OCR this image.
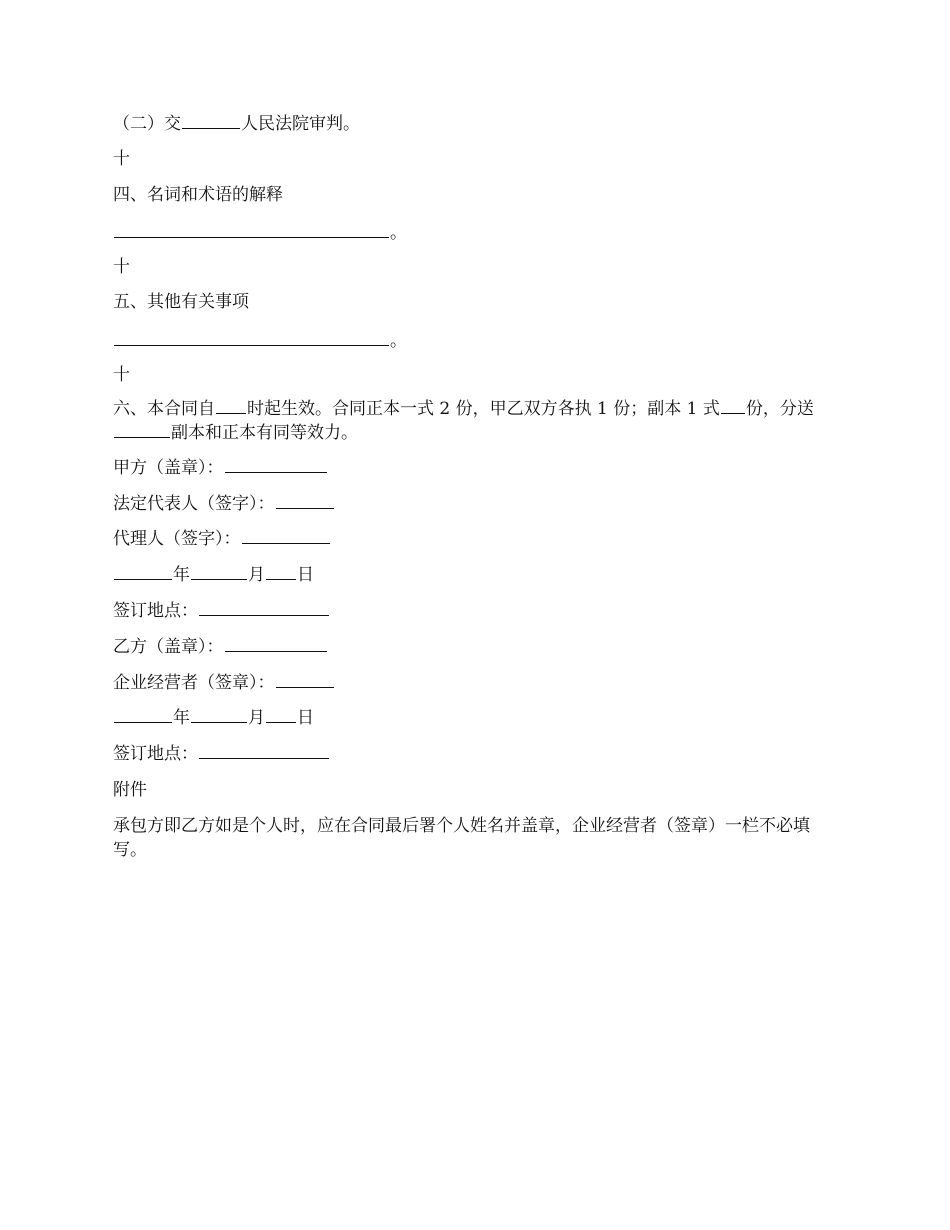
（二）交	人民法院审判。
十
四、名词和术语的解释
。
十
五、其他有关事项
。
十
六、本合同自 时起生效。合同正本一式 2 份，甲乙双方各执 1 份；副本 1 式 份，分送副本和正本有同等效力。
甲方（盖章）：
法定代表人（签字）：
代理人（签字）：
年	月 日
签订地点：
乙方（盖章）：
企业经营者（签章）：
年	月 日
签订地点：
附件
承包方即乙方如是个人时，应在合同最后署个人姓名并盖章，企业经营者（签章）一栏不必填写。
